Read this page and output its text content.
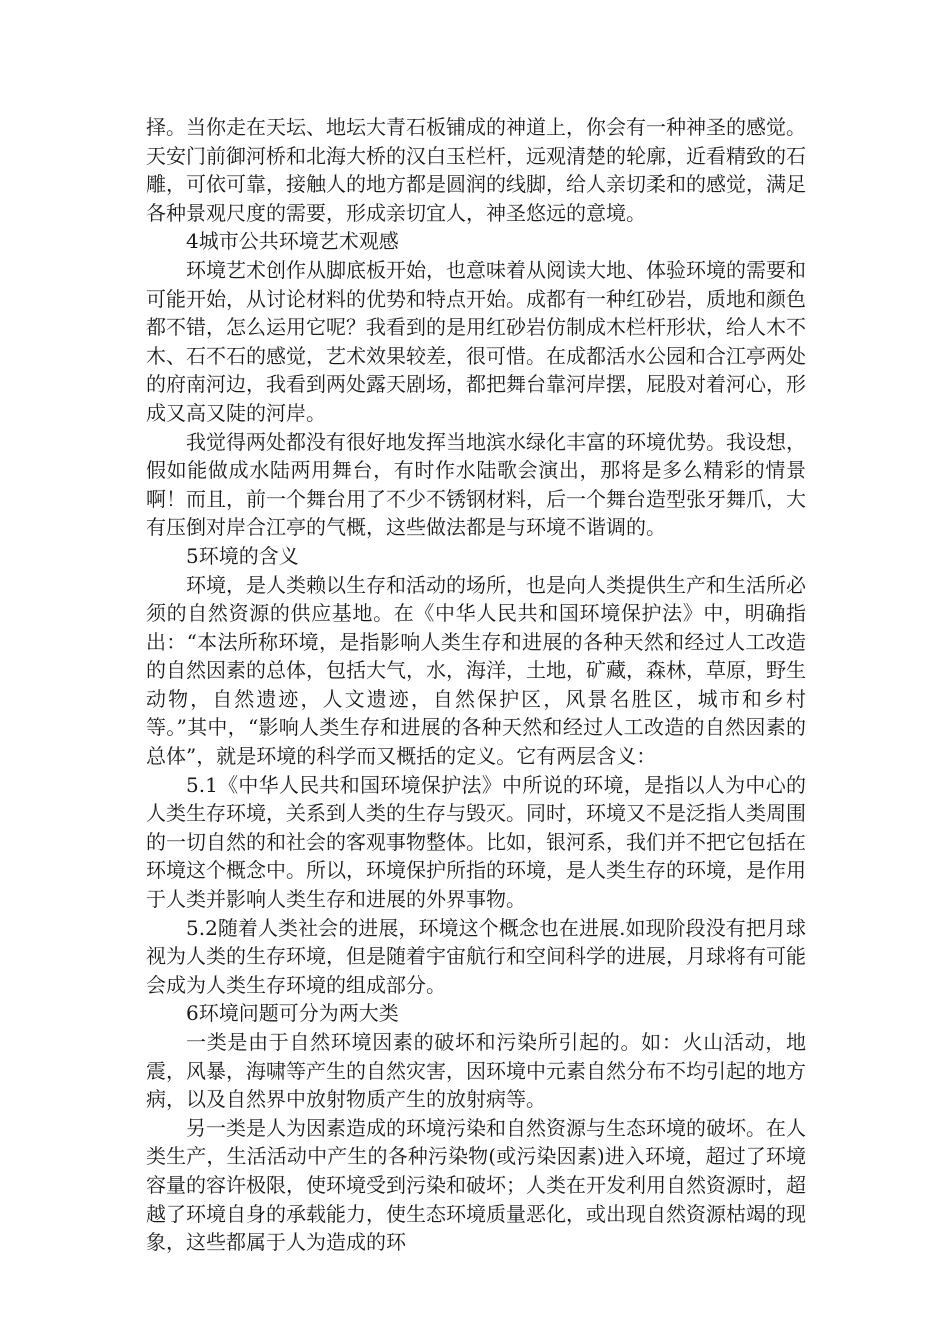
择。当你走在天坛、地坛大青石板铺成的神道上，你会有一种神圣的感觉。天安门前御河桥和北海大桥的汉白玉栏杆，远观清楚的轮廓，近看精致的石雕，可依可靠，接触人的地方都是圆润的线脚，给人亲切柔和的感觉，满足各种景观尺度的需要，形成亲切宜人，神圣悠远的意境。

4城市公共环境艺术观感

环境艺术创作从脚底板开始，也意味着从阅读大地、体验环境的需要和可能开始，从讨论材料的优势和特点开始。成都有一种红砂岩，质地和颜色都不错，怎么运用它呢？我看到的是用红砂岩仿制成木栏杆形状，给人木不木、石不石的感觉，艺术效果较差，很可惜。在成都活水公园和合江亭两处的府南河边，我看到两处露天剧场，都把舞台靠河岸摆，屁股对着河心，形成又高又陡的河岸。

我觉得两处都没有很好地发挥当地滨水绿化丰富的环境优势。我设想，假如能做成水陆两用舞台，有时作水陆歌会演出，那将是多么精彩的情景啊！而且，前一个舞台用了不少不锈钢材料，后一个舞台造型张牙舞爪，大有压倒对岸合江亭的气概，这些做法都是与环境不谐调的。

5环境的含义

环境，是人类赖以生存和活动的场所，也是向人类提供生产和生活所必须的自然资源的供应基地。在《中华人民共和国环境保护法》中，明确指出：“本法所称环境，是指影响人类生存和进展的各种天然和经过人工改造的自然因素的总体，包括大气，水，海洋，土地，矿藏，森林，草原，野生动物，自然遗迹，人文遗迹，自然保护区，风景名胜区，城市和乡村等。”其中，“影响人类生存和进展的各种天然和经过人工改造的自然因素的总体”，就是环境的科学而又概括的定义。它有两层含义：

5.1《中华人民共和国环境保护法》中所说的环境，是指以人为中心的人类生存环境，关系到人类的生存与毁灭。同时，环境又不是泛指人类周围的一切自然的和社会的客观事物整体。比如，银河系，我们并不把它包括在环境这个概念中。所以，环境保护所指的环境，是人类生存的环境，是作用于人类并影响人类生存和进展的外界事物。

5.2随着人类社会的进展，环境这个概念也在进展.如现阶段没有把月球视为人类的生存环境，但是随着宇宙航行和空间科学的进展，月球将有可能会成为人类生存环境的组成部分。

6环境问题可分为两大类

一类是由于自然环境因素的破坏和污染所引起的。如：火山活动，地震，风暴，海啸等产生的自然灾害，因环境中元素自然分布不均引起的地方病，以及自然界中放射物质产生的放射病等。

另一类是人为因素造成的环境污染和自然资源与生态环境的破坏。在人类生产，生活活动中产生的各种污染物(或污染因素)进入环境，超过了环境容量的容许极限，使环境受到污染和破坏；人类在开发利用自然资源时，超越了环境自身的承载能力，使生态环境质量恶化，或出现自然资源枯竭的现象，这些都属于人为造成的环
